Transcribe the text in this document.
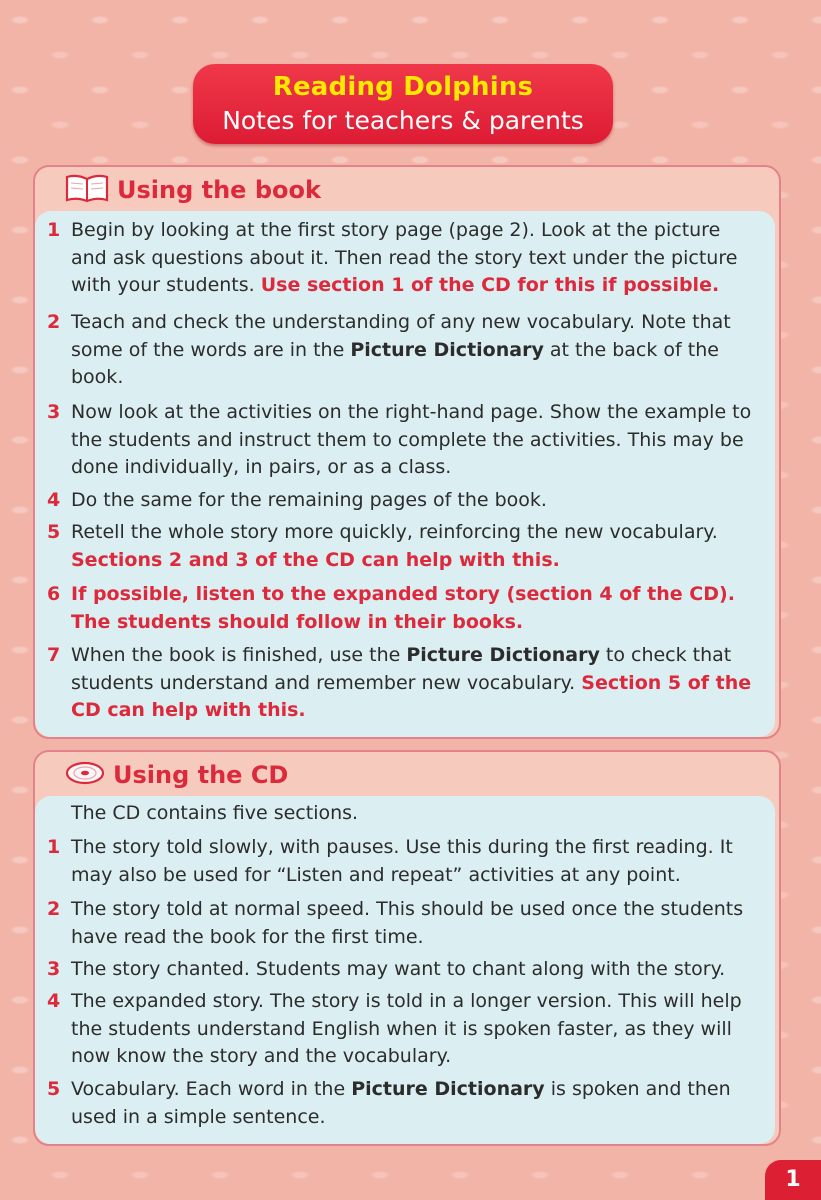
Reading Dolphins
Notes for teachers & parents
Using the book
1 Begin by looking at the first story page (page 2). Look at the picture and ask questions about it. Then read the story text under the picture with your students. Use section 1 of the CD for this if possible.
2 Teach and check the understanding of any new vocabulary. Note that some of the words are in the Picture Dictionary at the back of the book.
3 Now look at the activities on the right-hand page. Show the example to the students and instruct them to complete the activities. This may be done individually, in pairs, or as a class.
4 Do the same for the remaining pages of the book.
5 Retell the whole story more quickly, reinforcing the new vocabulary. Sections 2 and 3 of the CD can help with this.
6 If possible, listen to the expanded story (section 4 of the CD). The students should follow in their books.
7 When the book is finished, use the Picture Dictionary to check that students understand and remember new vocabulary. Section 5 of the CD can help with this.
Using the CD
The CD contains five sections.
1 The story told slowly, with pauses. Use this during the first reading. It may also be used for “Listen and repeat” activities at any point.
2 The story told at normal speed. This should be used once the students have read the book for the first time.
3 The story chanted. Students may want to chant along with the story.
4 The expanded story. The story is told in a longer version. This will help the students understand English when it is spoken faster, as they will now know the story and the vocabulary.
5 Vocabulary. Each word in the Picture Dictionary is spoken and then used in a simple sentence.
1
